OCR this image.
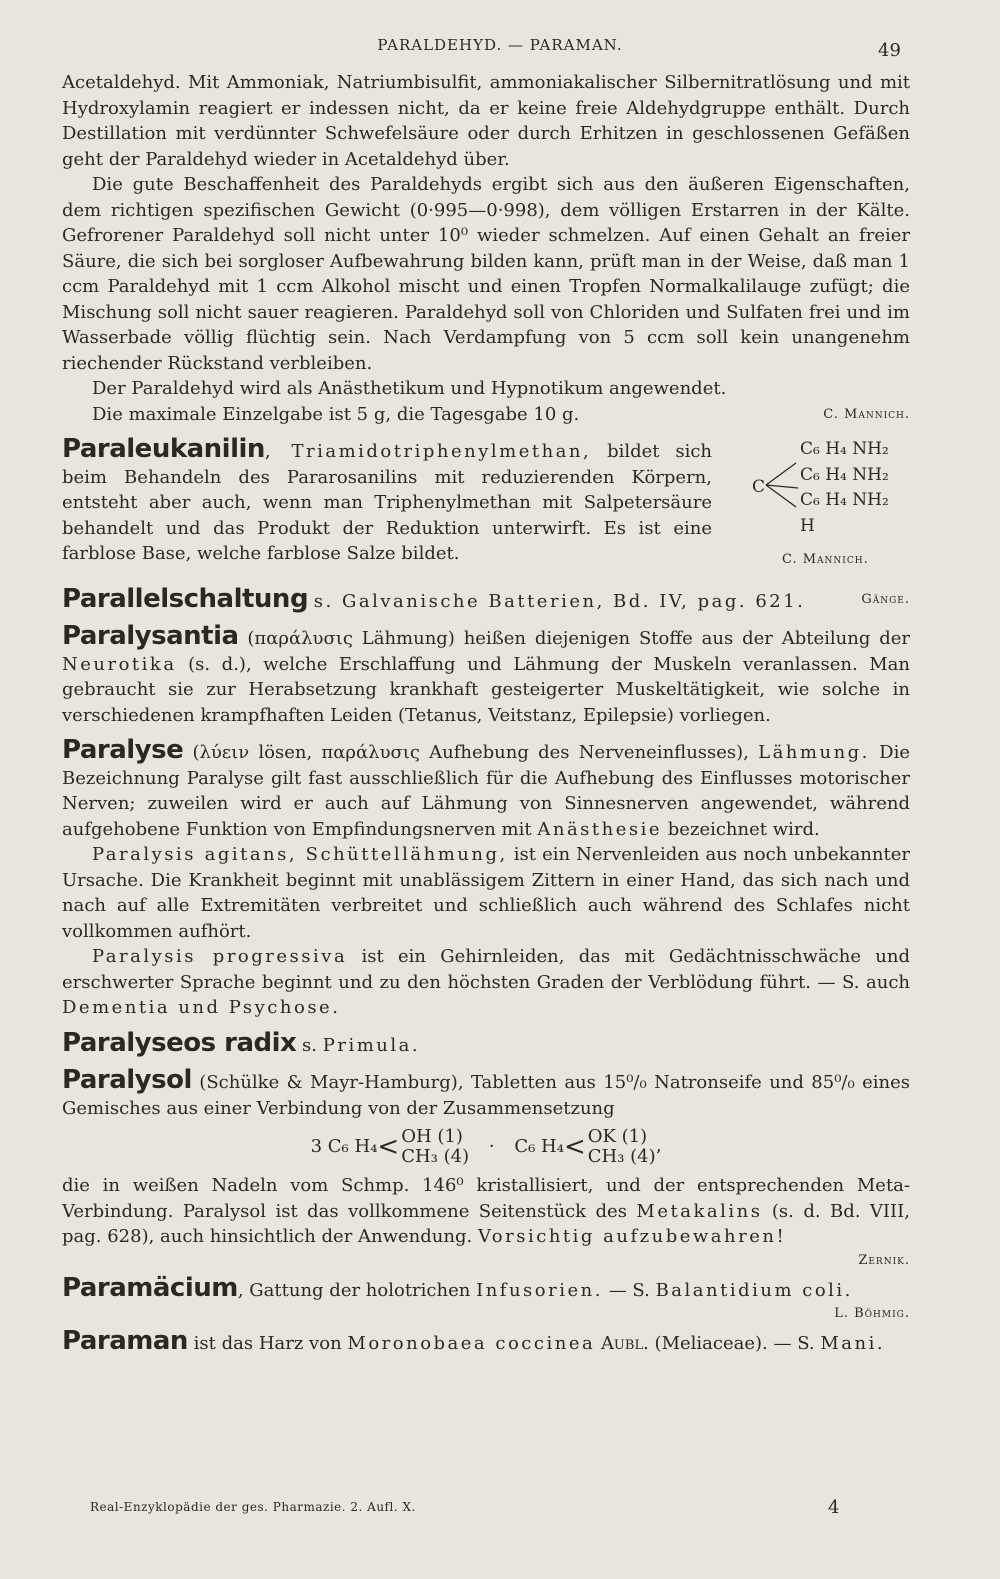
PARALDEHYD. — PARAMAN.	49

Acetaldehyd. Mit Ammoniak, Natriumbisulfit, ammoniakalischer Silbernitratlösung und mit Hydroxylamin reagiert er indessen nicht, da er keine freie Aldehydgruppe enthält. Durch Destillation mit verdünnter Schwefelsäure oder durch Erhitzen in geschlossenen Gefäßen geht der Paraldehyd wieder in Acetaldehyd über.

Die gute Beschaffenheit des Paraldehyds ergibt sich aus den äußeren Eigenschaften, dem richtigen spezifischen Gewicht (0·995—0·998), dem völligen Erstarren in der Kälte. Gefrorener Paraldehyd soll nicht unter 10⁰ wieder schmelzen. Auf einen Gehalt an freier Säure, die sich bei sorgloser Aufbewahrung bilden kann, prüft man in der Weise, daß man 1 ccm Paraldehyd mit 1 ccm Alkohol mischt und einen Tropfen Normalkalilauge zufügt; die Mischung soll nicht sauer reagieren. Paraldehyd soll von Chloriden und Sulfaten frei und im Wasserbade völlig flüchtig sein. Nach Verdampfung von 5 ccm soll kein unangenehm riechender Rückstand verbleiben.

Der Paraldehyd wird als Anästhetikum und Hypnotikum angewendet.

Die maximale Einzelgabe ist 5 g, die Tagesgabe 10 g.	C. Mannich.

Paraleukanilin, Triamidotriphenylmethan, bildet sich beim Behandeln des Pararosanilins mit reduzierenden Körpern, entsteht aber auch, wenn man Triphenylmethan mit Salpetersäure behandelt und das Produkt der Reduktion unterwirft. Es ist eine farblose Base, welche farblose Salze bildet.

C
C₆ H₄ NH₂
C₆ H₄ NH₂
C₆ H₄ NH₂
H
C. Mannich.

Parallelschaltung s. Galvanische Batterien, Bd. IV, pag. 621.	Gänge.

Paralysantia (παράλυσις Lähmung) heißen diejenigen Stoffe aus der Abteilung der Neurotika (s. d.), welche Erschlaffung und Lähmung der Muskeln veranlassen. Man gebraucht sie zur Herabsetzung krankhaft gesteigerter Muskeltätigkeit, wie solche in verschiedenen krampfhaften Leiden (Tetanus, Veitstanz, Epilepsie) vorliegen.

Paralyse (λύειν lösen, παράλυσις Aufhebung des Nerveneinflusses), Lähmung. Die Bezeichnung Paralyse gilt fast ausschließlich für die Aufhebung des Einflusses motorischer Nerven; zuweilen wird er auch auf Lähmung von Sinnesnerven angewendet, während aufgehobene Funktion von Empfindungsnerven mit Anästhesie bezeichnet wird.

Paralysis agitans, Schüttellähmung, ist ein Nervenleiden aus noch unbekannter Ursache. Die Krankheit beginnt mit unablässigem Zittern in einer Hand, das sich nach und nach auf alle Extremitäten verbreitet und schließlich auch während des Schlafes nicht vollkommen aufhört.

Paralysis progressiva ist ein Gehirnleiden, das mit Gedächtnisschwäche und erschwerter Sprache beginnt und zu den höchsten Graden der Verblödung führt. — S. auch Dementia und Psychose.

Paralyseos radix s. Primula.

Paralysol (Schülke & Mayr-Hamburg), Tabletten aus 15⁰/₀ Natronseife und 85⁰/₀ eines Gemisches aus einer Verbindung von der Zusammensetzung

3 C₆ H₄< OH (1)
CH₃ (4) · C₆ H₄< OK (1)
CH₃ (4)’

die in weißen Nadeln vom Schmp. 146⁰ kristallisiert, und der entsprechenden Meta-Verbindung. Paralysol ist das vollkommene Seitenstück des Metakalins (s. d. Bd. VIII, pag. 628), auch hinsichtlich der Anwendung. Vorsichtig aufzubewahren!

Zernik.

Paramäcium, Gattung der holotrichen Infusorien. — S. Balantidium coli.

L. Böhmig.

Paraman ist das Harz von Moronobaea coccinea Aubl. (Meliaceae). — S. Mani.

Real-Enzyklopädie der ges. Pharmazie. 2. Aufl. X.	4
